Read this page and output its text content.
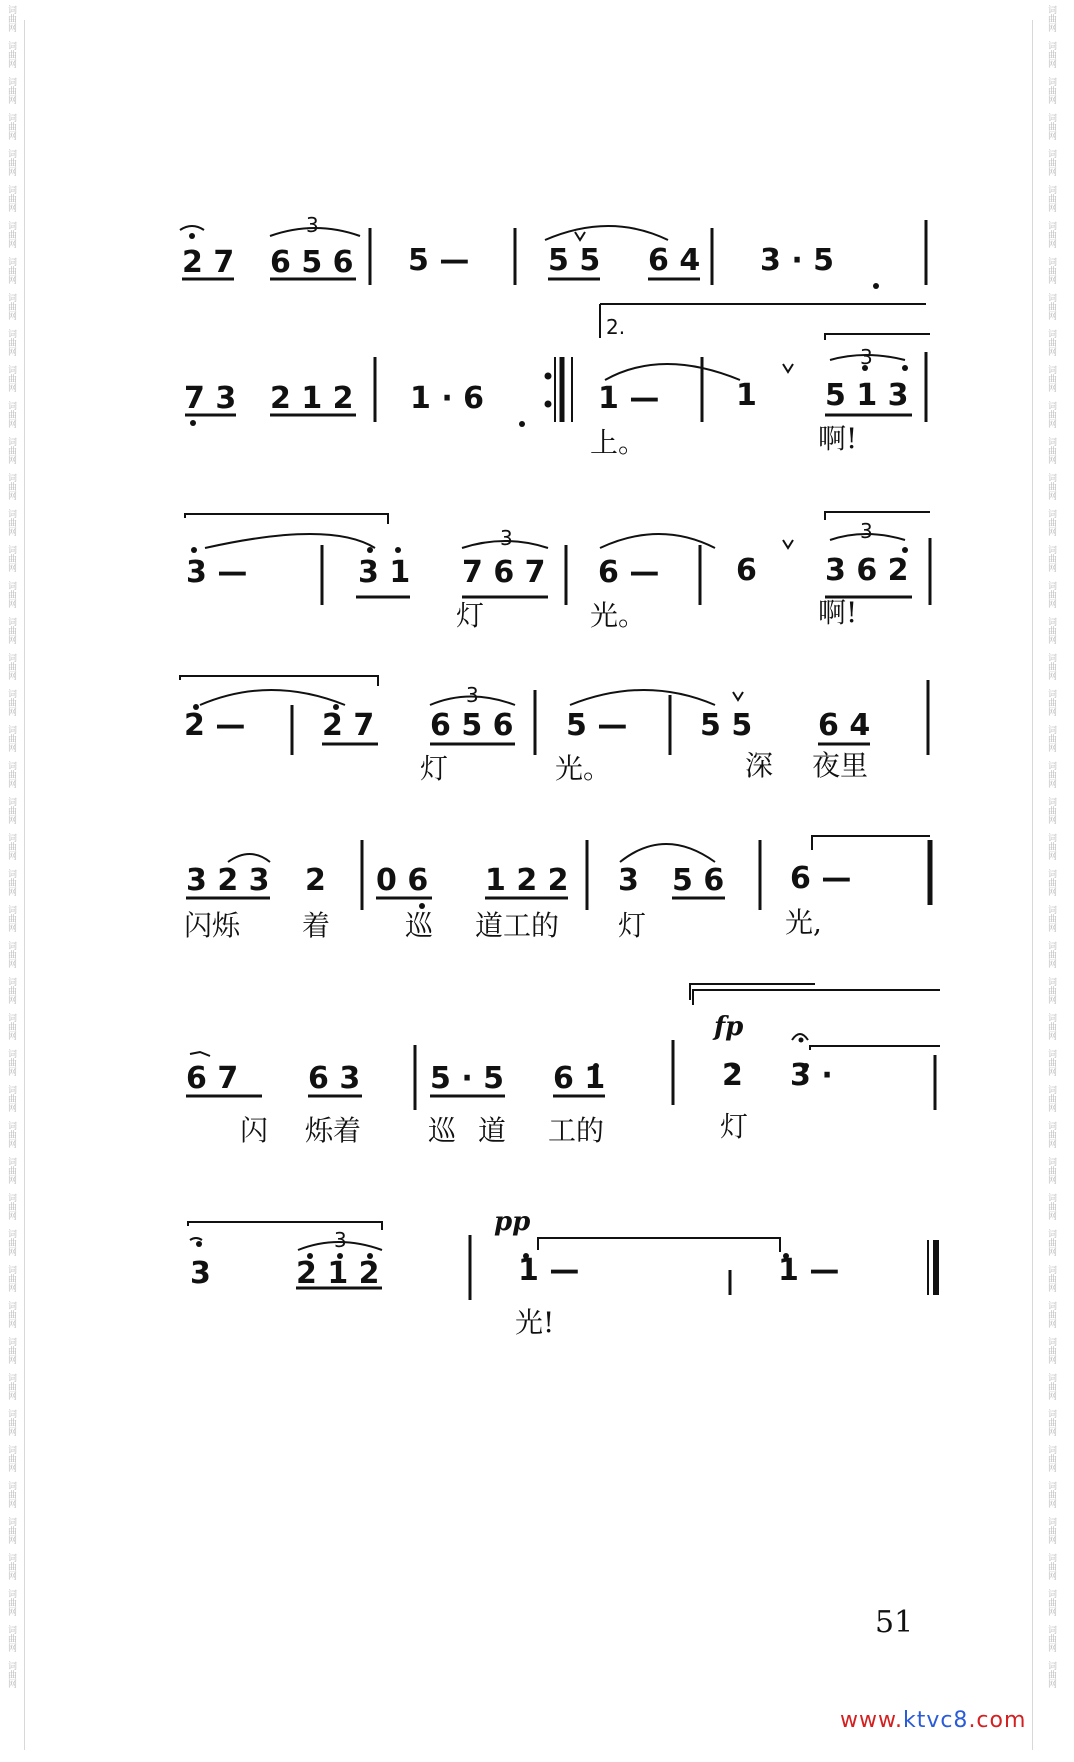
词曲网
词曲网
词曲网
词曲网
词曲网
词曲网
词曲网
词曲网
词曲网
词曲网
词曲网
词曲网
词曲网
词曲网
词曲网
词曲网
词曲网
词曲网
词曲网
词曲网
词曲网
词曲网
词曲网
词曲网
词曲网
词曲网
词曲网
词曲网
词曲网
词曲网
词曲网
词曲网
词曲网
词曲网
词曲网
词曲网
词曲网
词曲网
词曲网
词曲网
词曲网
词曲网
词曲网
词曲网
词曲网
词曲网
词曲网
词曲网
词曲网
词曲网
词曲网
词曲网
词曲网
词曲网
词曲网
词曲网
词曲网
词曲网
词曲网
词曲网
词曲网
词曲网
词曲网
词曲网
词曲网
词曲网
词曲网
词曲网
词曲网
词曲网
词曲网
词曲网
词曲网
词曲网
词曲网
词曲网
词曲网
词曲网
词曲网
词曲网
词曲网
词曲网
词曲网
词曲网
词曲网
词曲网
词曲网
词曲网
词曲网
词曲网
词曲网
词曲网
词曲网
词曲网
3
3
3	3
3
3
2.
2 7 6 5 6 5 —	5 5 6 4 3 · 5
7 3 2 1 2 1 · 6	1 —	1 5 1 3
上。	啊!
3 —	3 1 7 6 7 6 —	6 3 6 2
灯	光。	啊!
2 —	2 7 6 5 6 5 — 5 5 6 4
灯	光。	深 夜里
3 2 3 2 0 6 1 2 2 3 5 6 6 —
闪烁 着	巡 道工的 灯	光,
fp
6 7 6 3 5 · 5 6 1	2 3 ·
闪 烁着 巡 道 工的	灯
pp
3	2 1 2	1 —	1 —
光!
51
www.ktvc8.com
